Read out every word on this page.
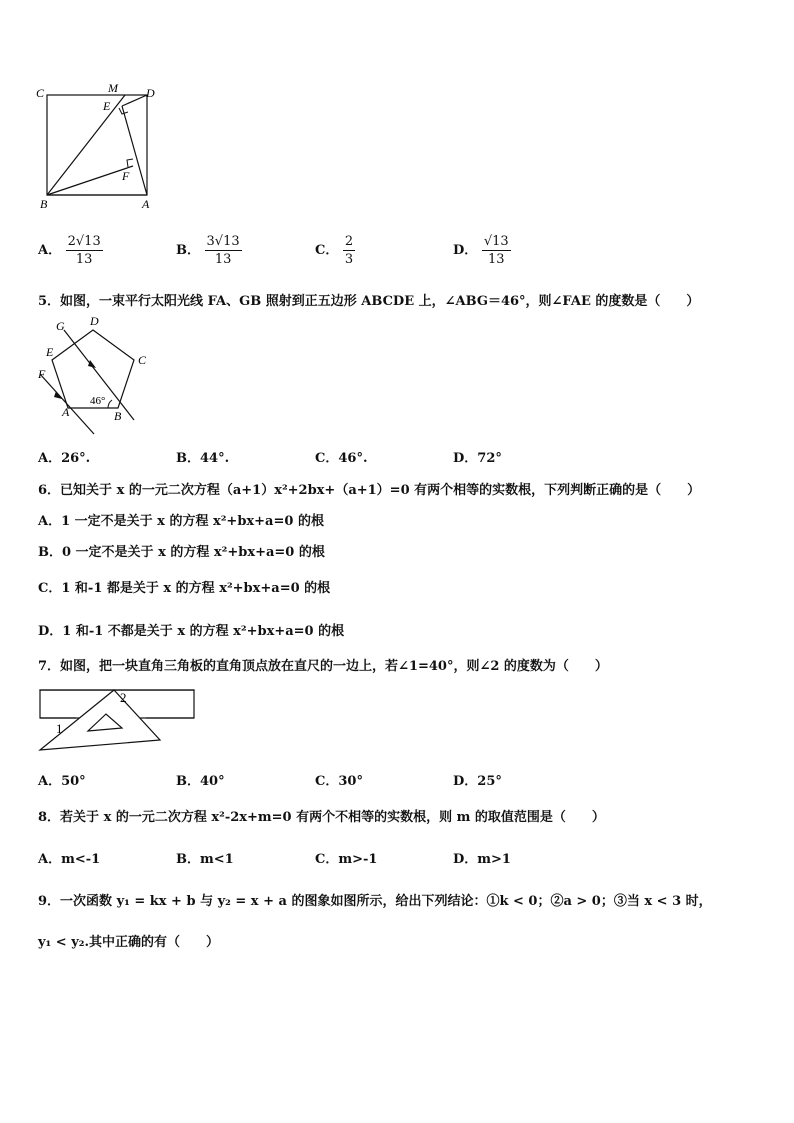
C	M D
E
F
B	A
A． $\frac{2√13}{13}$	B． $\frac{3√13}{13}$	C． $\frac{2}{3}$	D． $\frac{√13}{13}$
5．如图，一束平行太阳光线 FA、GB 照射到正五边形 ABCDE 上，∠ABG＝46°，则∠FAE 的度数是（　　）
G D
E
C
F
A
46°
B
A．26°.	B．44°.	C．46°.	D．72°
6．已知关于 x 的一元二次方程（a+1）x²+2bx+（a+1）=0 有两个相等的实数根，下列判断正确的是（　　）
A．1 一定不是关于 x 的方程 x²+bx+a=0 的根
B．0 一定不是关于 x 的方程 x²+bx+a=0 的根
C．1 和-1 都是关于 x 的方程 x²+bx+a=0 的根
D．1 和-1 不都是关于 x 的方程 x²+bx+a=0 的根
7．如图，把一块直角三角板的直角顶点放在直尺的一边上，若∠1=40°，则∠2 的度数为（　　）
2
1
A．50°	B．40°	C．30°	D．25°
8．若关于 x 的一元二次方程 x²-2x+m=0 有两个不相等的实数根，则 m 的取值范围是（　　）
A．m<-1	B．m<1	C．m>-1	D．m>1
9．一次函数 y₁ = kx + b 与 y₂ = x + a 的图象如图所示，给出下列结论：①k < 0；②a > 0；③当 x < 3 时，
y₁ < y₂.其中正确的有（　　）
